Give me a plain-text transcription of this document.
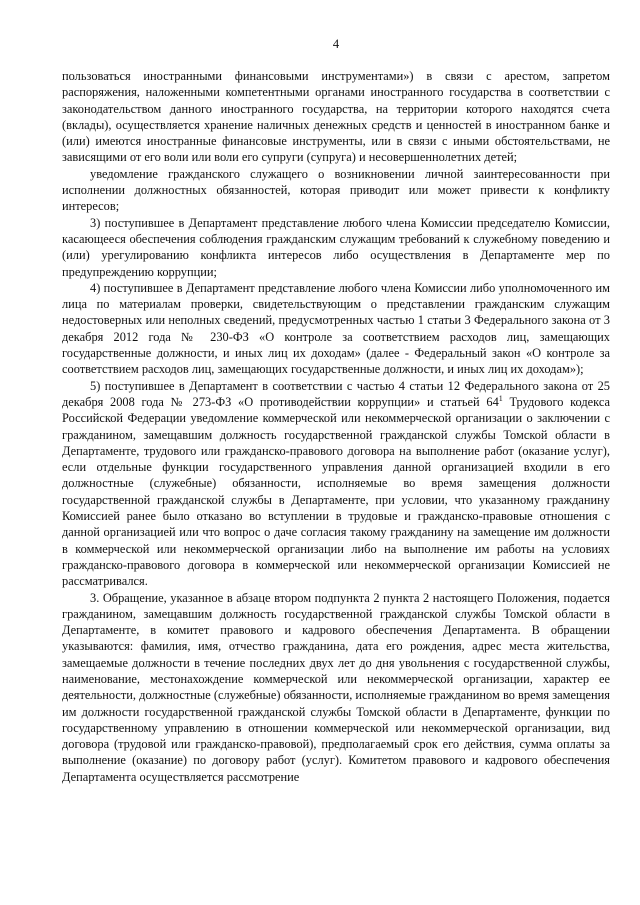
4

пользоваться иностранными финансовыми инструментами») в связи с арестом, запретом распоряжения, наложенными компетентными органами иностранного государства в соответствии с законодательством данного иностранного государства, на территории которого находятся счета (вклады), осуществляется хранение наличных денежных средств и ценностей в иностранном банке и (или) имеются иностранные финансовые инструменты, или в связи с иными обстоятельствами, не зависящими от его воли или воли его супруги (супруга) и несовершеннолетних детей;

уведомление гражданского служащего о возникновении личной заинтересованности при исполнении должностных обязанностей, которая приводит или может привести к конфликту интересов;

3) поступившее в Департамент представление любого члена Комиссии председателю Комиссии, касающееся обеспечения соблюдения гражданским служащим требований к служебному поведению и (или) урегулированию конфликта интересов либо осуществления в Департаменте мер по предупреждению коррупции;

4) поступившее в Департамент представление любого члена Комиссии либо уполномоченного им лица по материалам проверки, свидетельствующим о представлении гражданским служащим недостоверных или неполных сведений, предусмотренных частью 1 статьи 3 Федерального закона от 3 декабря 2012 года № 230-ФЗ «О контроле за соответствием расходов лиц, замещающих государственные должности, и иных лиц их доходам» (далее - Федеральный закон «О контроле за соответствием расходов лиц, замещающих государственные должности, и иных лиц их доходам»);

5) поступившее в Департамент в соответствии с частью 4 статьи 12 Федерального закона от 25 декабря 2008 года № 273-ФЗ «О противодействии коррупции» и статьей $64^1$ Трудового кодекса Российской Федерации уведомление коммерческой или некоммерческой организации о заключении с гражданином, замещавшим должность государственной гражданской службы Томской области в Департаменте, трудового или гражданско-правового договора на выполнение работ (оказание услуг), если отдельные функции государственного управления данной организацией входили в его должностные (служебные) обязанности, исполняемые во время замещения должности государственной гражданской службы в Департаменте, при условии, что указанному гражданину Комиссией ранее было отказано во вступлении в трудовые и гражданско-правовые отношения с данной организацией или что вопрос о даче согласия такому гражданину на замещение им должности в коммерческой или некоммерческой организации либо на выполнение им работы на условиях гражданско-правового договора в коммерческой или некоммерческой организации Комиссией не рассматривался.

3. Обращение, указанное в абзаце втором подпункта 2 пункта 2 настоящего Положения, подается гражданином, замещавшим должность государственной гражданской службы Томской области в Департаменте, в комитет правового и кадрового обеспечения Департамента. В обращении указываются: фамилия, имя, отчество гражданина, дата его рождения, адрес места жительства, замещаемые должности в течение последних двух лет до дня увольнения с государственной службы, наименование, местонахождение коммерческой или некоммерческой организации, характер ее деятельности, должностные (служебные) обязанности, исполняемые гражданином во время замещения им должности государственной гражданской службы Томской области в Департаменте, функции по государственному управлению в отношении коммерческой или некоммерческой организации, вид договора (трудовой или гражданско-правовой), предполагаемый срок его действия, сумма оплаты за выполнение (оказание) по договору работ (услуг). Комитетом правового и кадрового обеспечения Департамента осуществляется рассмотрение
